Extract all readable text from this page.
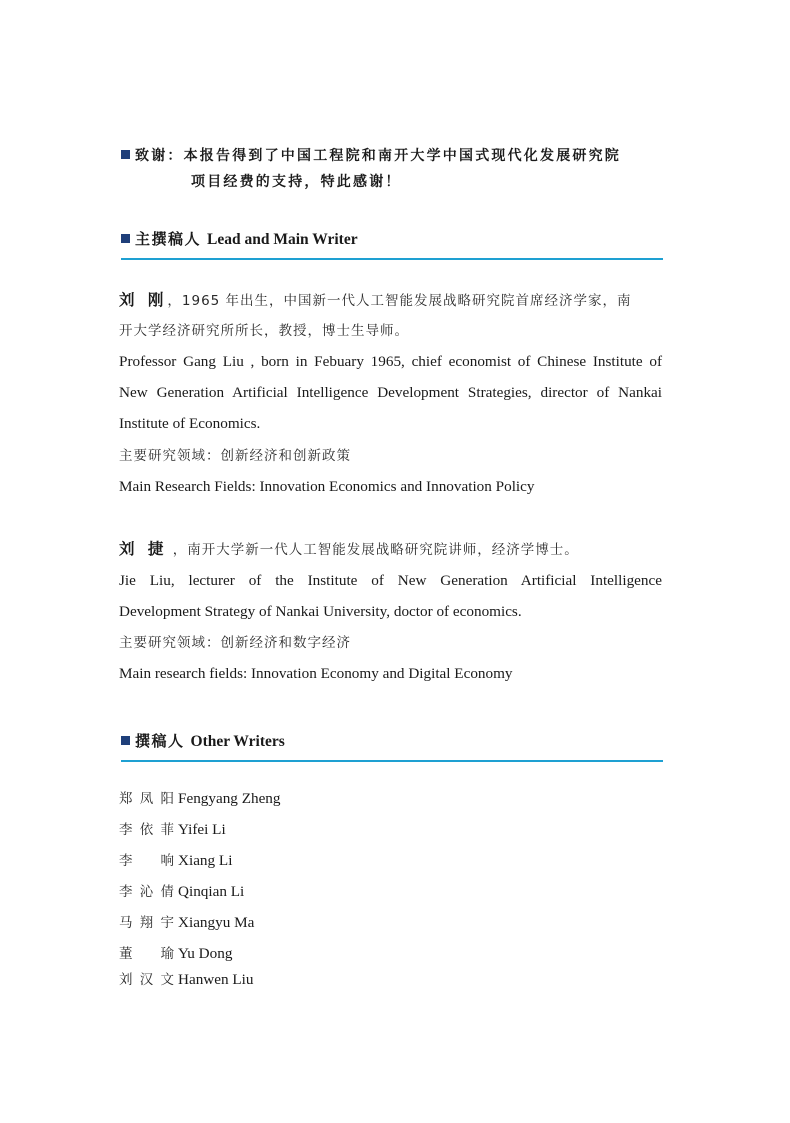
致谢：本报告得到了中国工程院和南开大学中国式现代化发展研究院
项目经费的支持，特此感谢！
主撰稿人 Lead and Main Writer
刘 刚，1965 年出生，中国新一代人工智能发展战略研究院首席经济学家，南
开大学经济研究所所长，教授，博士生导师。
Professor Gang Liu , born in Febuary 1965, chief economist of Chinese Institute of
New Generation Artificial Intelligence Development Strategies, director of Nankai
Institute of Economics.
主要研究领域：创新经济和创新政策
Main Research Fields: Innovation Economics and Innovation Policy
刘 捷 ，南开大学新一代人工智能发展战略研究院讲师，经济学博士。
Jie Liu, lecturer of the Institute of New Generation Artificial Intelligence
Development Strategy of Nankai University, doctor of economics.
主要研究领域：创新经济和数字经济
Main research fields: Innovation Economy and Digital Economy
撰稿人 Other Writers
郑凤阳 Fengyang Zheng
李依菲 Yifei Li
李响 Xiang Li
李沁倩 Qinqian Li
马翔宇 Xiangyu Ma
董瑜 Yu Dong
刘汉文 Hanwen Liu
